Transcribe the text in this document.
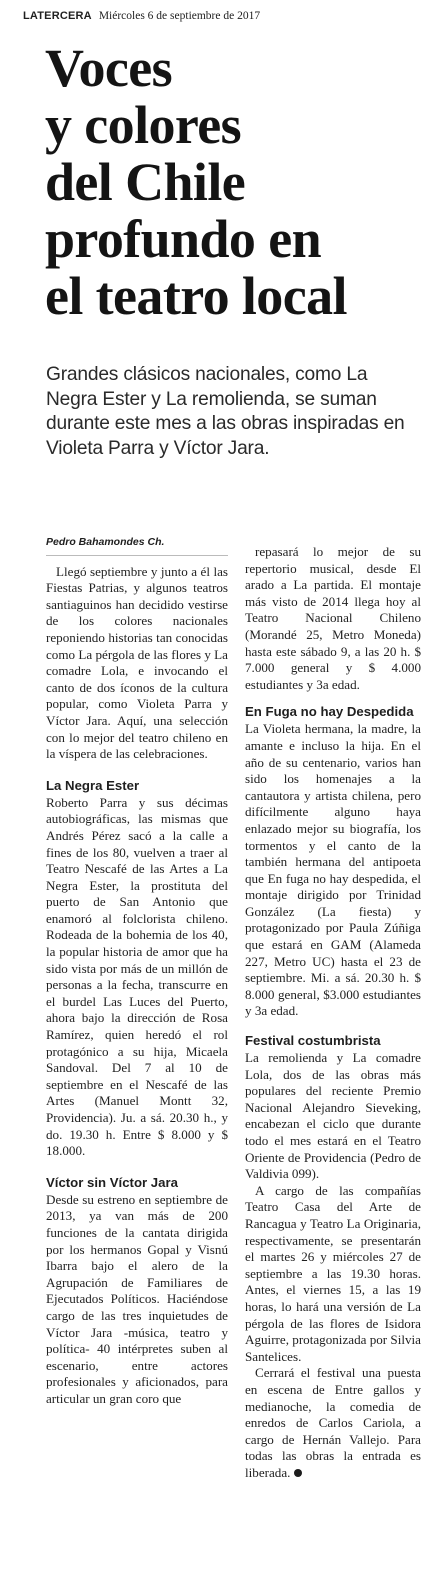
LATERCERA Miércoles 6 de septiembre de 2017
Voces
y colores
del Chile
profundo en
el teatro local

Grandes clásicos nacionales, como La Negra Ester y La remolienda, se suman durante este mes a las obras inspiradas en Violeta Parra y Víctor Jara.

Pedro Bahamondes Ch.

Llegó septiembre y junto a él las Fiestas Patrias, y algunos teatros santiaguinos han decidido vestirse de los colores nacionales reponiendo historias tan conocidas como La pérgola de las flores y La comadre Lola, e invocando el canto de dos íconos de la cultura popular, como Violeta Parra y Víctor Jara. Aquí, una selección con lo mejor del teatro chileno en la víspera de las celebraciones.

La Negra Ester

Roberto Parra y sus décimas autobiográficas, las mismas que Andrés Pérez sacó a la calle a fines de los 80, vuelven a traer al Teatro Nescafé de las Artes a La Negra Ester, la prostituta del puerto de San Antonio que enamoró al folclorista chileno. Rodeada de la bohemia de los 40, la popular historia de amor que ha sido vista por más de un millón de personas a la fecha, transcurre en el burdel Las Luces del Puerto, ahora bajo la dirección de Rosa Ramírez, quien heredó el rol protagónico a su hija, Micaela Sandoval. Del 7 al 10 de septiembre en el Nescafé de las Artes (Manuel Montt 32, Providencia). Ju. a sá. 20.30 h., y do. 19.30 h. Entre $ 8.000 y $ 18.000.

Víctor sin Víctor Jara

Desde su estreno en septiembre de 2013, ya van más de 200 funciones de la cantata dirigida por los hermanos Gopal y Visnú Ibarra bajo el alero de la Agrupación de Familiares de Ejecutados Políticos. Haciéndose cargo de las tres inquietudes de Víctor Jara -música, teatro y política- 40 intérpretes suben al escenario, entre actores profesionales y aficionados, para articular un gran coro que

repasará lo mejor de su repertorio musical, desde El arado a La partida. El montaje más visto de 2014 llega hoy al Teatro Nacional Chileno (Morandé 25, Metro Moneda) hasta este sábado 9, a las 20 h. $ 7.000 general y $ 4.000 estudiantes y 3a edad.

En Fuga no hay Despedida

La Violeta hermana, la madre, la amante e incluso la hija. En el año de su centenario, varios han sido los homenajes a la cantautora y artista chilena, pero difícilmente alguno haya enlazado mejor su biografía, los tormentos y el canto de la también hermana del antipoeta que En fuga no hay despedida, el montaje dirigido por Trinidad González (La fiesta) y protagonizado por Paula Zúñiga que estará en GAM (Alameda 227, Metro UC) hasta el 23 de septiembre. Mi. a sá. 20.30 h. $ 8.000 general, $3.000 estudiantes y 3a edad.

Festival costumbrista

La remolienda y La comadre Lola, dos de las obras más populares del reciente Premio Nacional Alejandro Sieveking, encabezan el ciclo que durante todo el mes estará en el Teatro Oriente de Providencia (Pedro de Valdivia 099).

A cargo de las compañías Teatro Casa del Arte de Rancagua y Teatro La Originaria, respectivamente, se presentarán el martes 26 y miércoles 27 de septiembre a las 19.30 horas. Antes, el viernes 15, a las 19 horas, lo hará una versión de La pérgola de las flores de Isidora Aguirre, protagonizada por Silvia Santelices.

Cerrará el festival una puesta en escena de Entre gallos y medianoche, la comedia de enredos de Carlos Cariola, a cargo de Hernán Vallejo. Para todas las obras la entrada es liberada.
